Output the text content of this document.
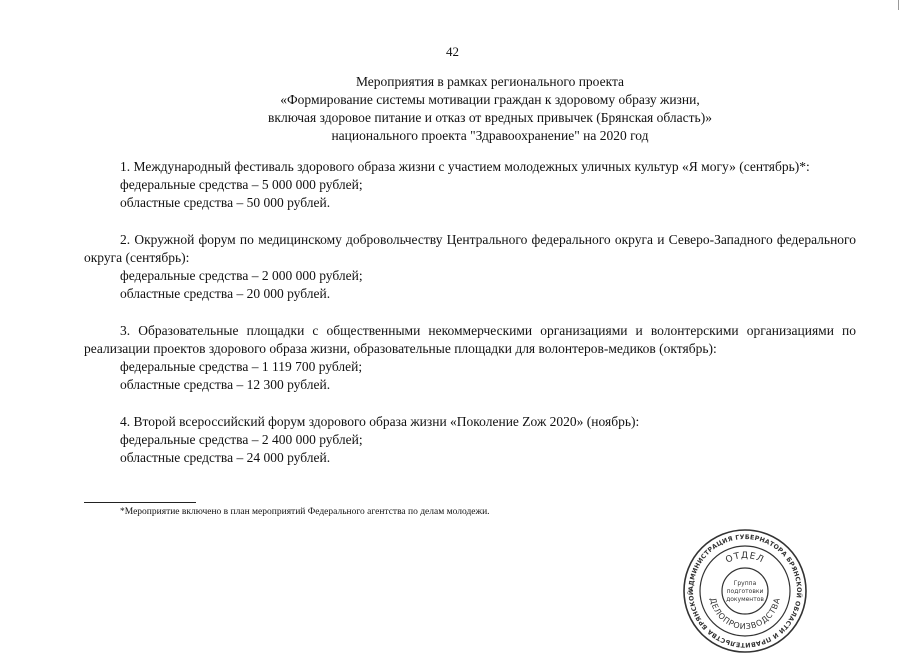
42
Мероприятия в рамках регионального проекта
«Формирование системы мотивации граждан к здоровому образу жизни,
включая здоровое питание и отказ от вредных привычек (Брянская область)»
национального проекта "Здравоохранение" на 2020 год
1. Международный фестиваль здорового образа жизни с участием молодежных уличных культур «Я могу» (сентябрь)*:
федеральные средства – 5 000 000 рублей;
областные средства – 50 000 рублей.
2. Окружной форум по медицинскому добровольчеству Центрального федерального округа и Северо-Западного федерального округа (сентябрь):
федеральные средства – 2 000 000 рублей;
областные средства – 20 000 рублей.
3. Образовательные площадки с общественными некоммерческими организациями и волонтерскими организациями по реализации проектов здорового образа жизни, образовательные площадки для волонтеров-медиков (октябрь):
федеральные средства – 1 119 700 рублей;
областные средства – 12 300 рублей.
4. Второй всероссийский форум здорового образа жизни «Поколение Zож 2020» (ноябрь):
федеральные средства – 2 400 000 рублей;
областные средства – 24 000 рублей.
*Мероприятие включено в план мероприятий Федерального агентства по делам молодежи.
АДМИНИСТРАЦИЯ ГУБЕРНАТОРА БРЯНСКОЙ ОБЛАСТИ И ПРАВИТЕЛЬСТВА БРЯНСКОЙ
ОТДЕЛ
ДЕЛОПРОИЗВОДСТВА
Группа
подготовки
документов
